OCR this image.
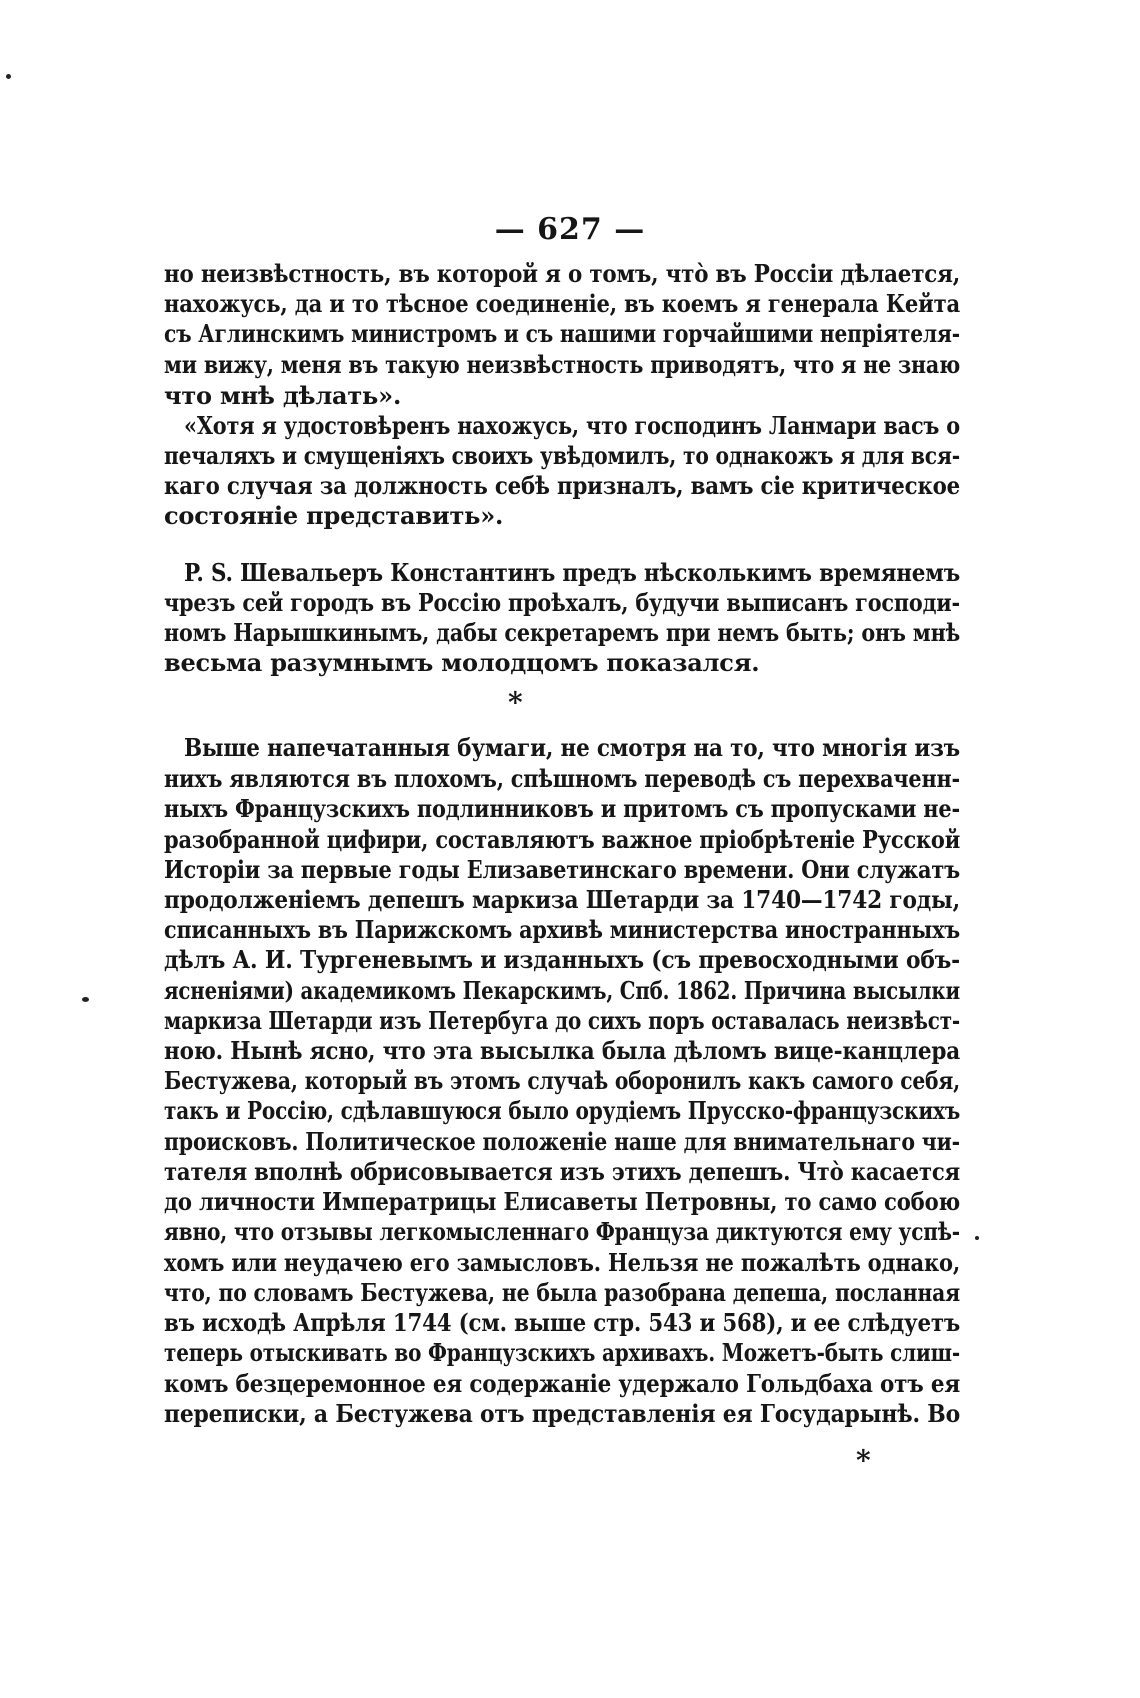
— 627 —
но неизвѣстность, въ которой я о томъ, что̀ въ Россіи дѣлается,
нахожусь, да и то тѣсное соединеніе, въ коемъ я генерала Кейта
съ Аглинскимъ министромъ и съ нашими горчайшими непріятеля-
ми вижу, меня въ такую неизвѣстность приводятъ, что я не знаю
что мнѣ дѣлать».
«Хотя я удостовѣренъ нахожусь, что господинъ Ланмари васъ о
печаляхъ и смущеніяхъ своихъ увѣдомилъ, то однакожъ я для вся-
каго случая за должность себѣ призналъ, вамъ сіе критическое
состояніе представить».
P. S. Шевальеръ Константинъ предъ нѣсколькимъ времянемъ
чрезъ сей городъ въ Россію проѣхалъ, будучи выписанъ господи-
номъ Нарышкинымъ, дабы секретаремъ при немъ быть; онъ мнѣ
весьма разумнымъ молодцомъ показался.
*
Выше напечатанныя бумаги, не смотря на то, что многія изъ
нихъ являются въ плохомъ, спѣшномъ переводѣ съ перехваченн-
ныхъ Французскихъ подлинниковъ и притомъ съ пропусками не-
разобранной цифири, составляютъ важное пріобрѣтеніе Русской
Исторіи за первые годы Елизаветинскаго времени. Они служатъ
продолженіемъ депешъ маркиза Шетарди за 1740—1742 годы,
списанныхъ въ Парижскомъ архивѣ министерства иностранныхъ
дѣлъ А. И. Тургеневымъ и изданныхъ (съ превосходными объ-
ясненіями) академикомъ Пекарскимъ, Спб. 1862. Причина высылки
маркиза Шетарди изъ Петербуга до сихъ поръ оставалась неизвѣст-
ною. Нынѣ ясно, что эта высылка была дѣломъ вице-канцлера
Бестужева, который въ этомъ случаѣ оборонилъ какъ самого себя,
такъ и Россію, сдѣлавшуюся было орудіемъ Прусско-французскихъ
происковъ. Политическое положеніе наше для внимательнаго чи-
тателя вполнѣ обрисовывается изъ этихъ депешъ. Что̀ касается
до личности Императрицы Елисаветы Петровны, то само собою
явно, что отзывы легкомысленнаго Француза диктуются ему успѣ-
хомъ или неудачею его замысловъ. Нельзя не пожалѣть однако,
что, по словамъ Бестужева, не была разобрана депеша, посланная
въ исходѣ Апрѣля 1744 (см. выше стр. 543 и 568), и ее слѣдуетъ
теперь отыскивать во Французскихъ архивахъ. Можетъ-быть слиш-
комъ безцеремонное ея содержаніе удержало Гольдбаха отъ ея
переписки, а Бестужева отъ представленія ея Государынѣ. Во
*
